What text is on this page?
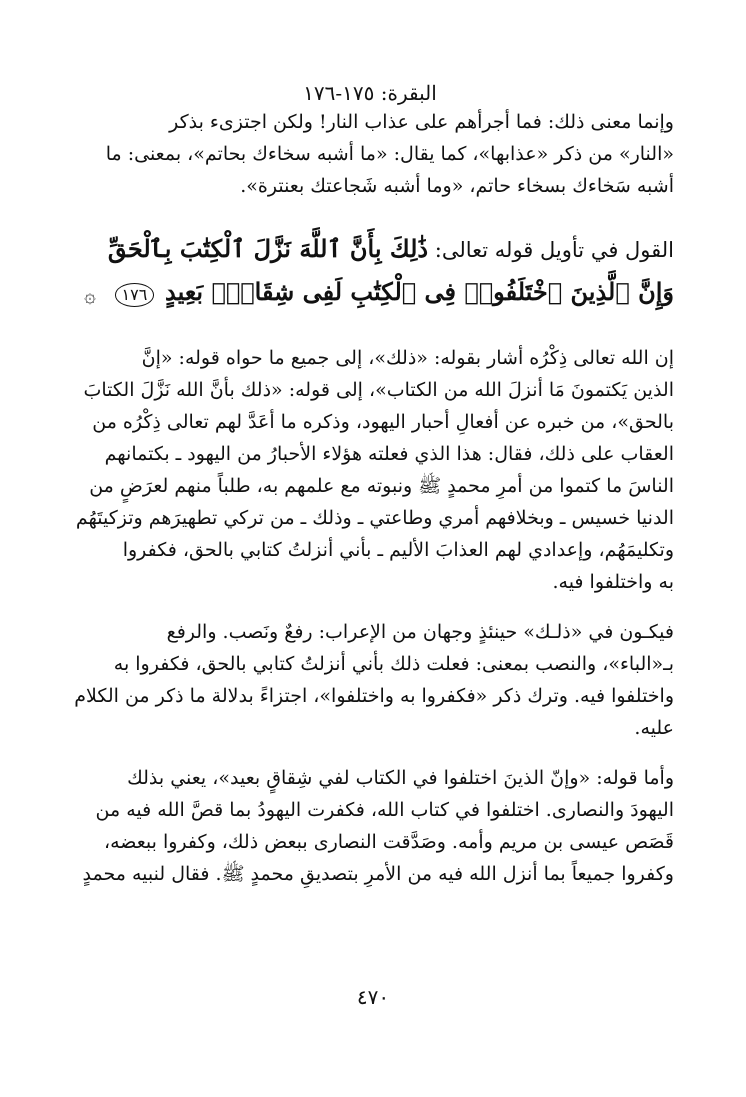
البقرة: ١٧٥-١٧٦

وإنما معنى ذلك: فما أجرأهم على عذاب النار! ولكن اجتزىء بذكر

«النار» من ذكر «عذابها»، كما يقال: «ما أشبه سخاءك بحاتم»، بمعنى: ما

أشبه سَخاءك بسخاء حاتم، «وما أشبه شَجاعتك بعنترة».

القول في تأويل قوله تعالى: ذَٰلِكَ بِأَنَّ ٱللَّهَ نَزَّلَ ٱلْكِتَٰبَ بِٱلْحَقِّ
وَإِنَّ ٱلَّذِينَ ٱخْتَلَفُوا۟ فِى ٱلْكِتَٰبِ لَفِى شِقَاقٍۭ بَعِيدٍ ١٧٦ ۞

إن الله تعالى ذِكْرُه أشار بقوله: «ذلك»، إلى جميع ما حواه قوله: «إنَّ

الذين يَكتمونَ مَا أنزلَ الله من الكتاب»، إلى قوله: «ذلك بأنَّ الله نَزَّلَ الكتابَ

بالحق»، من خبره عن أفعالِ أحبار اليهود، وذكره ما أعَدَّ لهم تعالى ذِكْرُه من

العقاب على ذلك، فقال: هذا الذي فعلته هؤلاء الأحبارُ من اليهود ـ بكتمانهم

الناسَ ما كتموا من أمرِ محمدٍ ﷺ ونبوته مع علمهم به، طلباً منهم لعرَضٍ من

الدنيا خسيس ـ وبخلافهم أمري وطاعتي ـ وذلك ـ من تركي تطهيرَهم وتزكيتَهُم

وتكليمَهُم، وإعدادي لهم العذابَ الأليم ـ بأني أنزلتُ كتابي بالحق، فكفروا

به واختلفوا فيه.

فيكـون في «ذلـك» حينئذٍ وجهان من الإعراب: رفعٌ ونَصب. والرفع

بـ«الباء»، والنصب بمعنى: فعلت ذلك بأني أنزلتُ كتابي بالحق، فكفروا به

واختلفوا فيه. وترك ذكر «فكفروا به واختلفوا»، اجتزاءً بدلالة ما ذكر من الكلام

عليه.

وأما قوله: «وإنّ الذينَ اختلفوا في الكتاب لفي شِقاقٍ بعيد»، يعني بذلك

اليهودَ والنصارى. اختلفوا في كتاب الله، فكفرت اليهودُ بما قصَّ الله فيه من

قَصَص عيسى بن مريم وأمه. وصَدَّقت النصارى ببعض ذلك، وكفروا ببعضه،

وكفروا جميعاً بما أنزل الله فيه من الأمرِ بتصديقِ محمدٍ ﷺ. فقال لنبيه محمدٍ

٤٧٠
